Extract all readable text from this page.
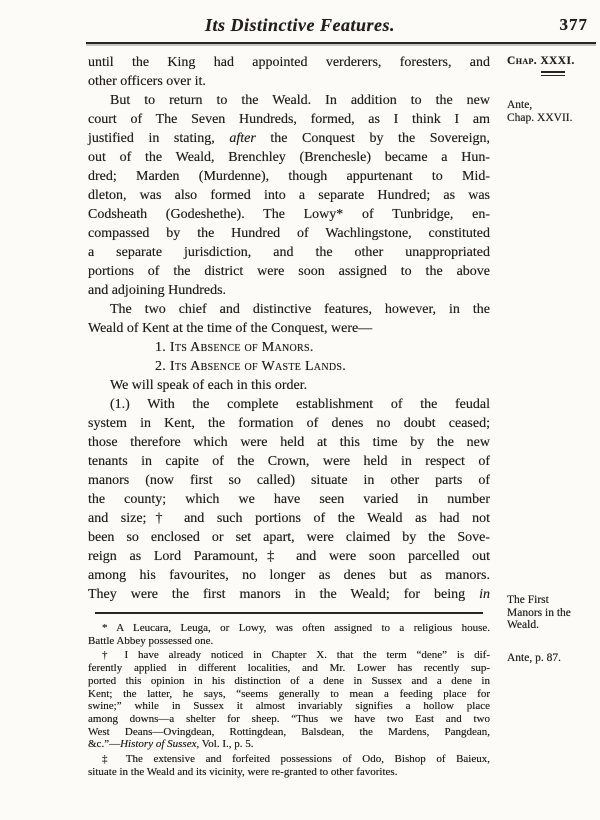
Its Distinctive Features.	377
until the King had appointed verderers, foresters, and
other officers over it.
But to return to the Weald. In addition to the new
court of The Seven Hundreds, formed, as I think I am
justified in stating, after the Conquest by the Sovereign,
out of the Weald, Brenchley (Brenchesle) became a Hun-
dred; Marden (Murdenne), though appurtenant to Mid-
dleton, was also formed into a separate Hundred; as was
Codsheath (Godeshethe). The Lowy* of Tunbridge, en-
compassed by the Hundred of Wachlingstone, constituted
a separate jurisdiction, and the other unappropriated
portions of the district were soon assigned to the above
and adjoining Hundreds.
The two chief and distinctive features, however, in the
Weald of Kent at the time of the Conquest, were—
1. Its Absence of Manors.
2. Its Absence of Waste Lands.
We will speak of each in this order.
(1.) With the complete establishment of the feudal
system in Kent, the formation of denes no doubt ceased;
those therefore which were held at this time by the new
tenants in capite of the Crown, were held in respect of
manors (now first so called) situate in other parts of
the county; which we have seen varied in number
and size;† and such portions of the Weald as had not
been so enclosed or set apart, were claimed by the Sove-
reign as Lord Paramount,‡ and were soon parcelled out
among his favourites, no longer as denes but as manors.
They were the first manors in the Weald; for being in
* A Leucara, Leuga, or Lowy, was often assigned to a religious house.
Battle Abbey possessed one.
† I have already noticed in Chapter X. that the term “dene” is dif-
ferently applied in different localities, and Mr. Lower has recently sup-
ported this opinion in his distinction of a dene in Sussex and a dene in
Kent; the latter, he says, “seems generally to mean a feeding place for
swine;” while in Sussex it almost invariably signifies a hollow place
among downs—a shelter for sheep. “Thus we have two East and two
West Deans—Ovingdean, Rottingdean, Balsdean, the Mardens, Pangdean,
&c.”—History of Sussex, Vol. I., p. 5.
‡ The extensive and forfeited possessions of Odo, Bishop of Baieux,
situate in the Weald and its vicinity, were re-granted to other favorites.
Chap. XXXI.
Ante,
Chap. XXVII.
The First
Manors in the
Weald.
Ante, p. 87.
